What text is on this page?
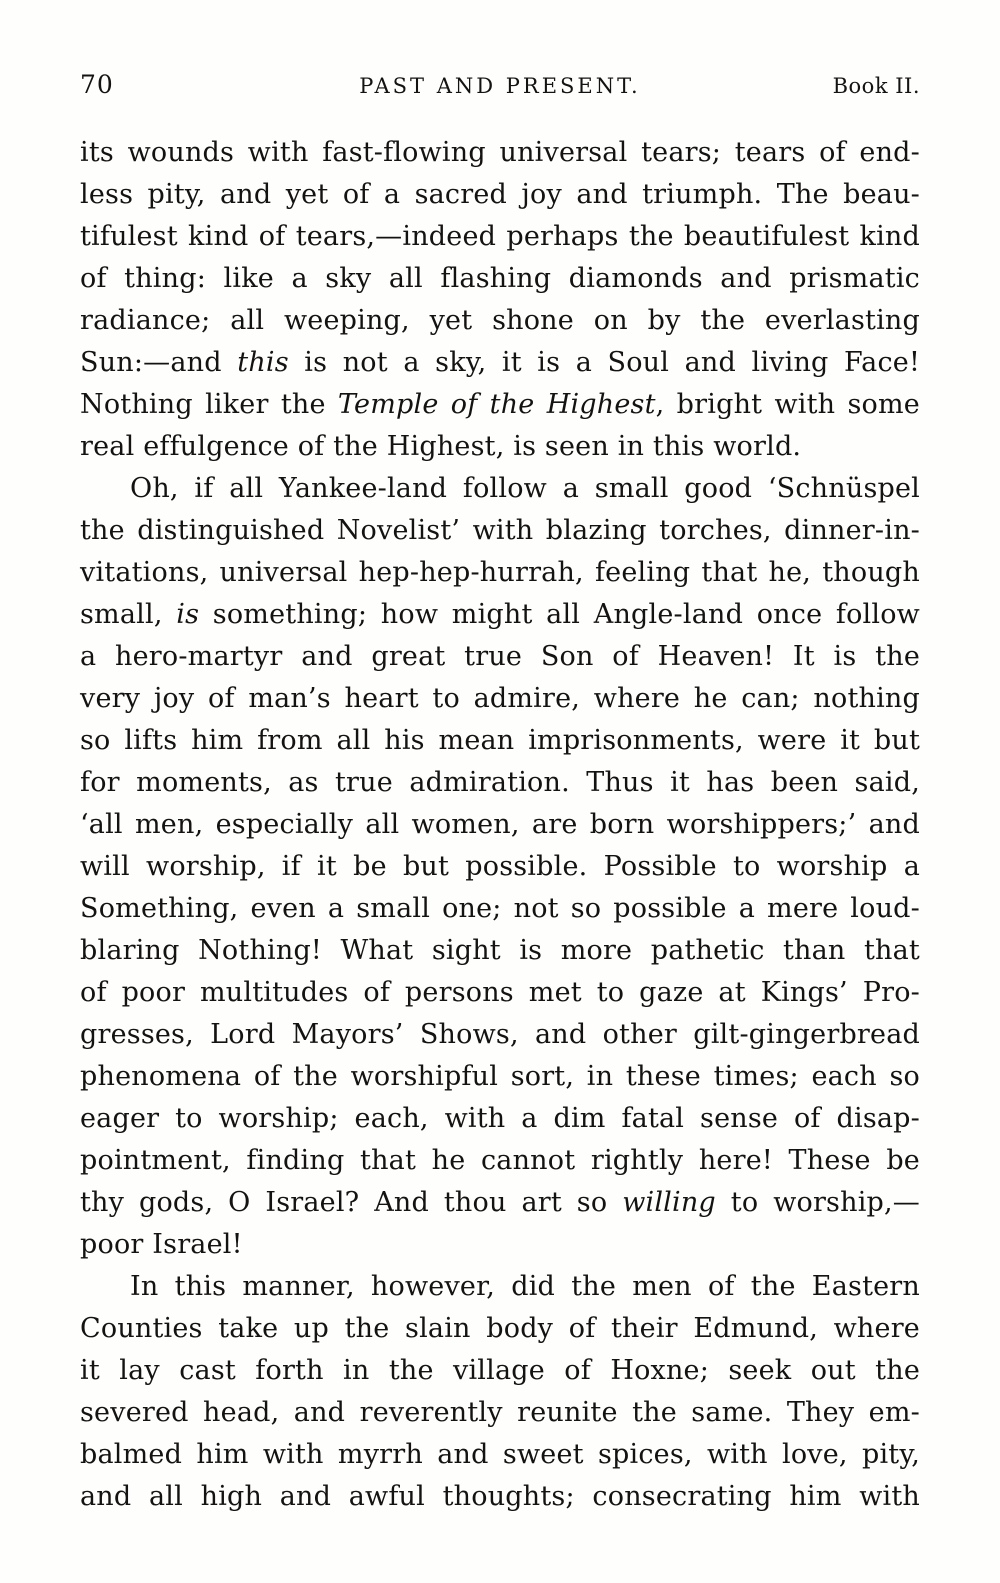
70	PAST AND PRESENT.	Book II.
its wounds with fast-flowing universal tears; tears of end-
less pity, and yet of a sacred joy and triumph. The beau-
tifulest kind of tears,—indeed perhaps the beautifulest kind
of thing: like a sky all flashing diamonds and prismatic
radiance; all weeping, yet shone on by the everlasting
Sun:—and this is not a sky, it is a Soul and living Face!
Nothing liker the Temple of the Highest, bright with some
real effulgence of the Highest, is seen in this world.
Oh, if all Yankee-land follow a small good ‘Schnüspel
the distinguished Novelist’ with blazing torches, dinner-in-
vitations, universal hep-hep-hurrah, feeling that he, though
small, is something; how might all Angle-land once follow
a hero-martyr and great true Son of Heaven! It is the
very joy of man’s heart to admire, where he can; nothing
so lifts him from all his mean imprisonments, were it but
for moments, as true admiration. Thus it has been said,
‘all men, especially all women, are born worshippers;’ and
will worship, if it be but possible. Possible to worship a
Something, even a small one; not so possible a mere loud-
blaring Nothing! What sight is more pathetic than that
of poor multitudes of persons met to gaze at Kings’ Pro-
gresses, Lord Mayors’ Shows, and other gilt-gingerbread
phenomena of the worshipful sort, in these times; each so
eager to worship; each, with a dim fatal sense of disap-
pointment, finding that he cannot rightly here! These be
thy gods, O Israel? And thou art so willing to worship,—
poor Israel!
In this manner, however, did the men of the Eastern
Counties take up the slain body of their Edmund, where
it lay cast forth in the village of Hoxne; seek out the
severed head, and reverently reunite the same. They em-
balmed him with myrrh and sweet spices, with love, pity,
and all high and awful thoughts; consecrating him with
